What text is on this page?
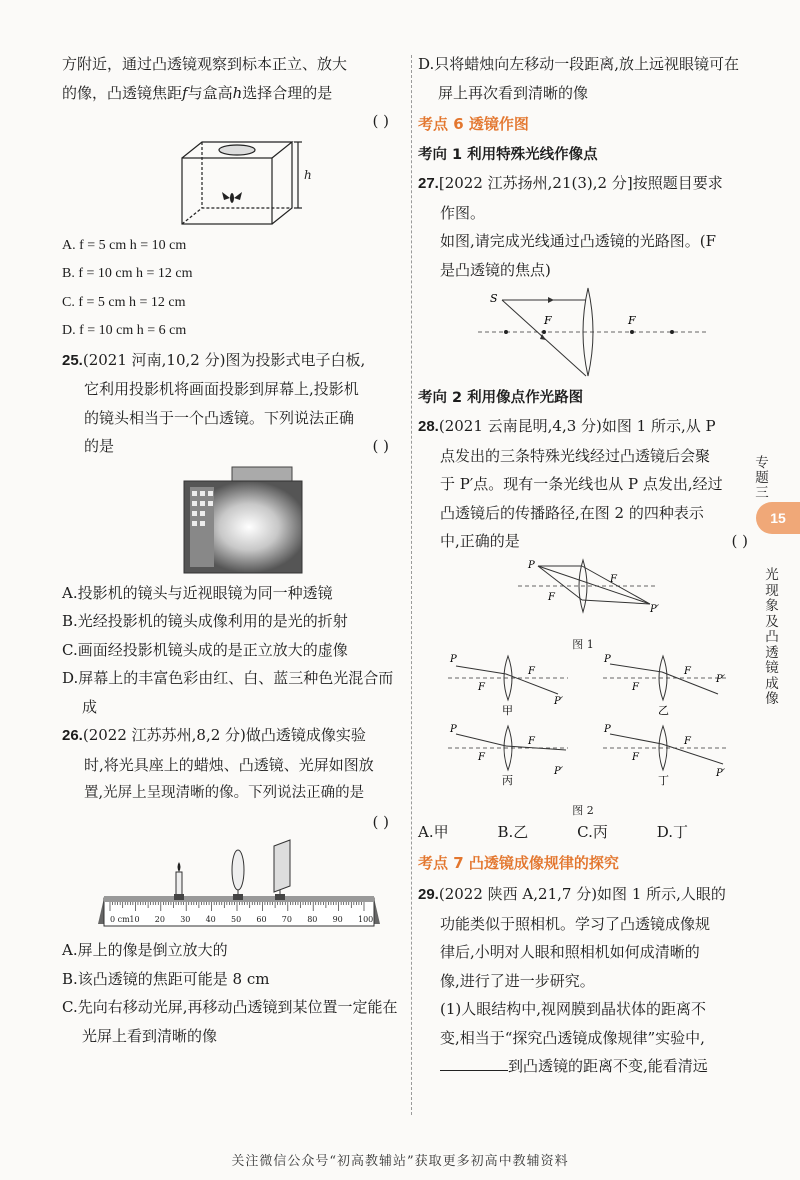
方附近，通过凸透镜观察到标本正立、放大

的像，凸透镜焦距f与盒高h选择合理的是

( )

h

A. f = 5 cm h = 10 cm

B. f = 10 cm h = 12 cm

C. f = 5 cm h = 12 cm

D. f = 10 cm h = 6 cm

25.(2021 河南,10,2 分)图为投影式电子白板,

它利用投影机将画面投影到屏幕上,投影机

的镜头相当于一个凸透镜。下列说法正确

的是	( )

A.投影机的镜头与近视眼镜为同一种透镜

B.光经投影机的镜头成像利用的是光的折射

C.画面经投影机镜头成的是正立放大的虚像

D.屏幕上的丰富色彩由红、白、蓝三种色光混合而成

26.(2022 江苏苏州,8,2 分)做凸透镜成像实验

时,将光具座上的蜡烛、凸透镜、光屏如图放

置,光屏上呈现清晰的像。下列说法正确的是

( )

0 cm 10 20 30 40 50 60 70 80 90 100

A.屏上的像是倒立放大的

B.该凸透镜的焦距可能是 8 cm

C.先向右移动光屏,再移动凸透镜到某位置一定能在光屏上看到清晰的像

D.只将蜡烛向左移动一段距离,放上远视眼镜可在屏上再次看到清晰的像

考点 6 透镜作图

考向 1 利用特殊光线作像点

27.[2022 江苏扬州,21(3),2 分]按照题目要求

作图。

如图,请完成光线通过凸透镜的光路图。(F

是凸透镜的焦点)

S
F	F

考向 2 利用像点作光路图

28.(2021 云南昆明,4,3 分)如图 1 所示,从 P

点发出的三条特殊光线经过凸透镜后会聚

于 P′点。现有一条光线也从 P 点发出,经过

凸透镜后的传播路径,在图 2 的四种表示

中,正确的是	( )

P
F
F
P′

图 1

P
F
F
P′
甲
P
F
F
P′
乙
P
F
F
P′
丙
P
F
F
P′
丁

图 2

A.甲	B.乙	C.丙	D.丁

考点 7 凸透镜成像规律的探究

29.(2022 陕西 A,21,7 分)如图 1 所示,人眼的

功能类似于照相机。学习了凸透镜成像规

律后,小明对人眼和照相机如何成清晰的

像,进行了进一步研究。

(1)人眼结构中,视网膜到晶状体的距离不

变,相当于“探究凸透镜成像规律”实验中,

到凸透镜的距离不变,能看清远

专题三
15
光现象及凸透镜成像
关注微信公众号“初高教辅站”获取更多初高中教辅资料
